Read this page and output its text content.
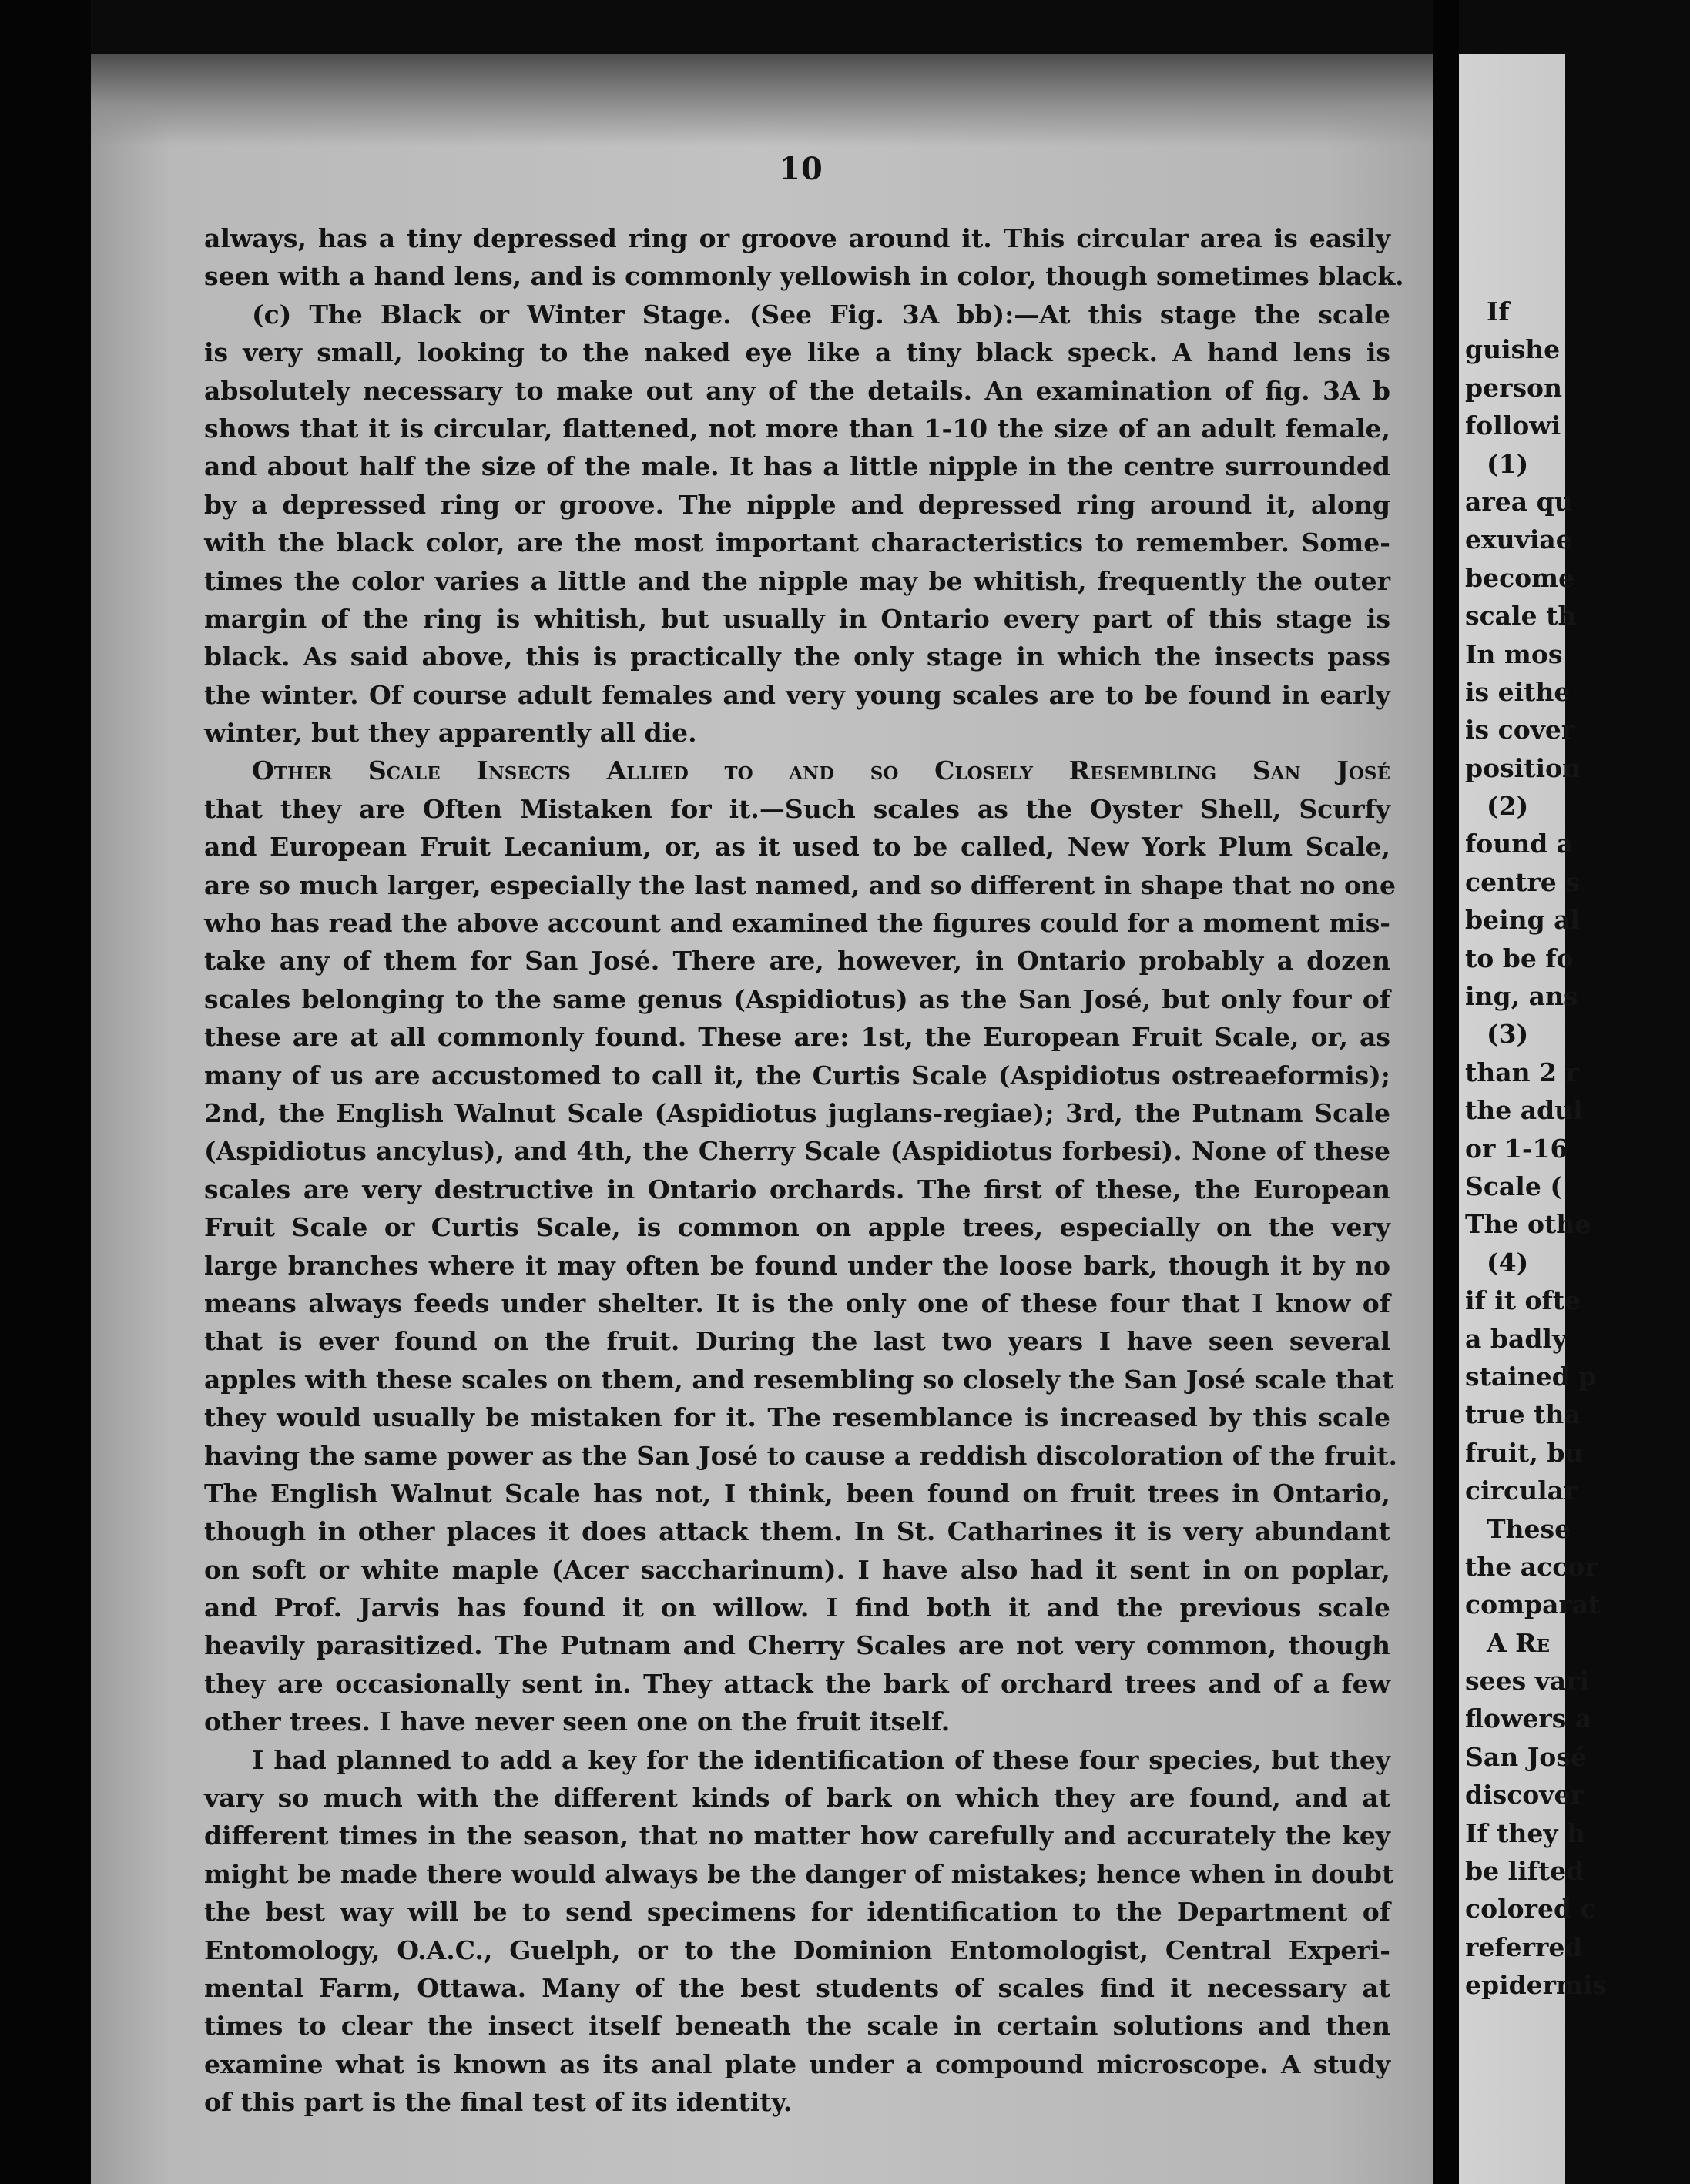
10
always, has a tiny depressed ring or groove around it. This circular area is easily
seen with a hand lens, and is commonly yellowish in color, though sometimes black.
(c) The Black or Winter Stage. (See Fig. 3A bb):—At this stage the scale
is very small, looking to the naked eye like a tiny black speck. A hand lens is
absolutely necessary to make out any of the details. An examination of fig. 3A b
shows that it is circular, flattened, not more than 1-10 the size of an adult female,
and about half the size of the male. It has a little nipple in the centre surrounded
by a depressed ring or groove. The nipple and depressed ring around it, along
with the black color, are the most important characteristics to remember. Some-
times the color varies a little and the nipple may be whitish, frequently the outer
margin of the ring is whitish, but usually in Ontario every part of this stage is
black. As said above, this is practically the only stage in which the insects pass
the winter. Of course adult females and very young scales are to be found in early
winter, but they apparently all die.
Other Scale Insects Allied to and so Closely Resembling San José
that they are Often Mistaken for it.—Such scales as the Oyster Shell, Scurfy
and European Fruit Lecanium, or, as it used to be called, New York Plum Scale,
are so much larger, especially the last named, and so different in shape that no one
who has read the above account and examined the figures could for a moment mis-
take any of them for San José. There are, however, in Ontario probably a dozen
scales belonging to the same genus (Aspidiotus) as the San José, but only four of
these are at all commonly found. These are: 1st, the European Fruit Scale, or, as
many of us are accustomed to call it, the Curtis Scale (Aspidiotus ostreaeformis);
2nd, the English Walnut Scale (Aspidiotus juglans-regiae); 3rd, the Putnam Scale
(Aspidiotus ancylus), and 4th, the Cherry Scale (Aspidiotus forbesi). None of these
scales are very destructive in Ontario orchards. The first of these, the European
Fruit Scale or Curtis Scale, is common on apple trees, especially on the very
large branches where it may often be found under the loose bark, though it by no
means always feeds under shelter. It is the only one of these four that I know of
that is ever found on the fruit. During the last two years I have seen several
apples with these scales on them, and resembling so closely the San José scale that
they would usually be mistaken for it. The resemblance is increased by this scale
having the same power as the San José to cause a reddish discoloration of the fruit.
The English Walnut Scale has not, I think, been found on fruit trees in Ontario,
though in other places it does attack them. In St. Catharines it is very abundant
on soft or white maple (Acer saccharinum). I have also had it sent in on poplar,
and Prof. Jarvis has found it on willow. I find both it and the previous scale
heavily parasitized. The Putnam and Cherry Scales are not very common, though
they are occasionally sent in. They attack the bark of orchard trees and of a few
other trees. I have never seen one on the fruit itself.
I had planned to add a key for the identification of these four species, but they
vary so much with the different kinds of bark on which they are found, and at
different times in the season, that no matter how carefully and accurately the key
might be made there would always be the danger of mistakes; hence when in doubt
the best way will be to send specimens for identification to the Department of
Entomology, O.A.C., Guelph, or to the Dominion Entomologist, Central Experi-
mental Farm, Ottawa. Many of the best students of scales find it necessary at
times to clear the insect itself beneath the scale in certain solutions and then
examine what is known as its anal plate under a compound microscope. A study
of this part is the final test of its identity.
If
guishe
person
followi
(1)
area qu
exuviae
become
scale th
In mos
is eithe
is cover
position
(2)
found a
centre s
being al
to be fo
ing, ans
(3)
than 2 r
the adul
or 1-16
Scale (
The othe
(4)
if it ofte
a badly
stained p
true tha
fruit, bu
circular
These
the accor
comparat
A Re
sees vari
flowers a
San José
discover
If they h
be lifted
colored c
referred
epidermis
